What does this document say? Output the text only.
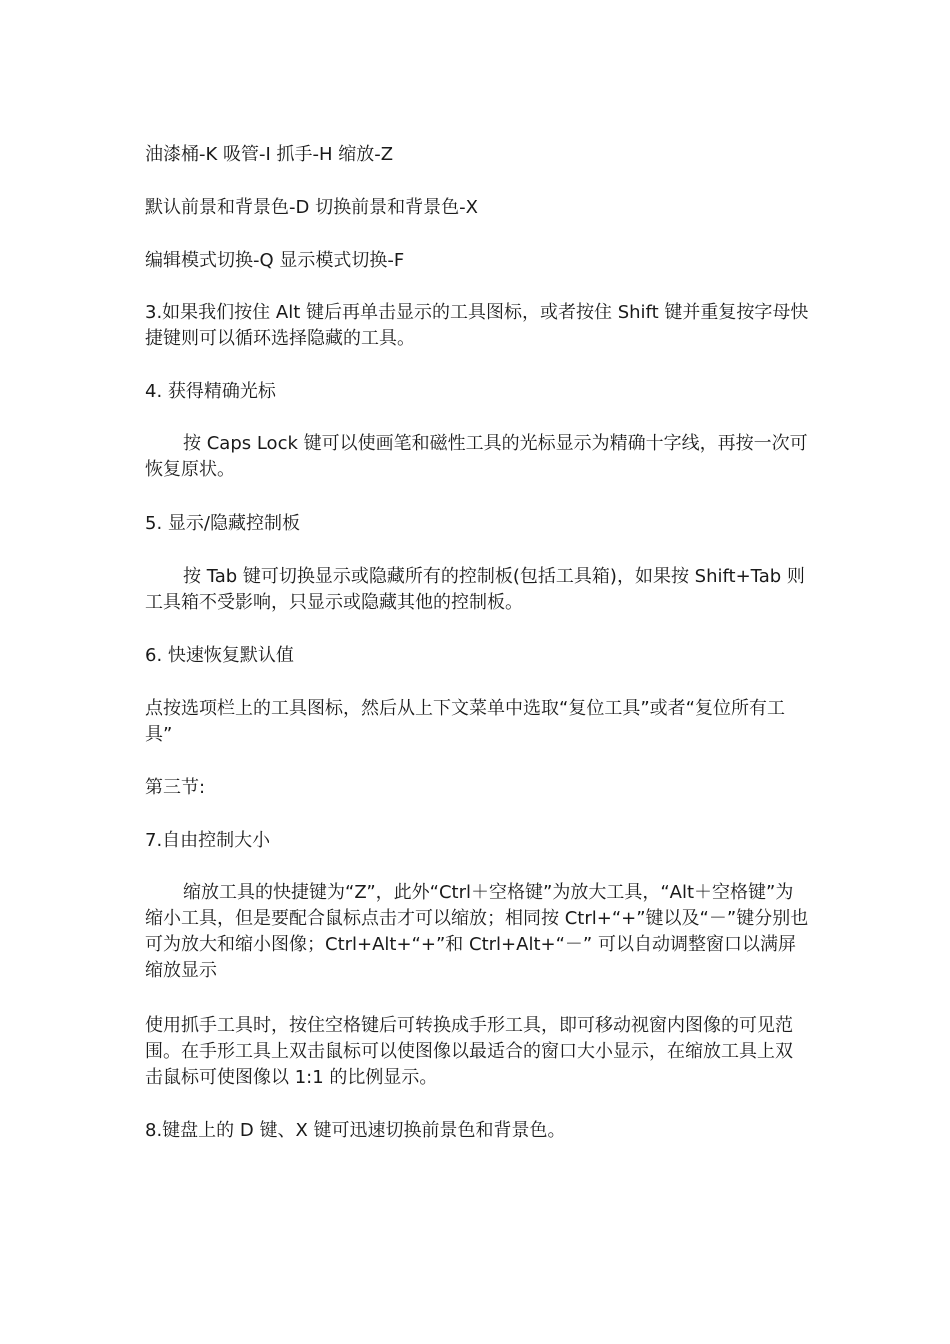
油漆桶-K 吸管-I 抓手-H 缩放-Z

默认前景和背景色-D 切换前景和背景色-X

编辑模式切换-Q 显示模式切换-F

3.如果我们按住 Alt 键后再单击显示的工具图标，或者按住 Shift 键并重复按字母快捷键则可以循环选择隐藏的工具。

4. 获得精确光标

按 Caps Lock 键可以使画笔和磁性工具的光标显示为精确十字线，再按一次可恢复原状。

5. 显示/隐藏控制板

按 Tab 键可切换显示或隐藏所有的控制板(包括工具箱)，如果按 Shift+Tab 则工具箱不受影响，只显示或隐藏其他的控制板。

6. 快速恢复默认值

点按选项栏上的工具图标，然后从上下文菜单中选取“复位工具”或者“复位所有工具”

第三节:

7.自由控制大小

缩放工具的快捷键为“Z”，此外“Ctrl＋空格键”为放大工具，“Alt＋空格键”为缩小工具，但是要配合鼠标点击才可以缩放；相同按 Ctrl+“+”键以及“－”键分别也可为放大和缩小图像；Ctrl+Alt+“+”和 Ctrl+Alt+“－” 可以自动调整窗口以满屏缩放显示

使用抓手工具时，按住空格键后可转换成手形工具，即可移动视窗内图像的可见范围。在手形工具上双击鼠标可以使图像以最适合的窗口大小显示，在缩放工具上双击鼠标可使图像以 1:1 的比例显示。

8.键盘上的 D 键、X 键可迅速切换前景色和背景色。
